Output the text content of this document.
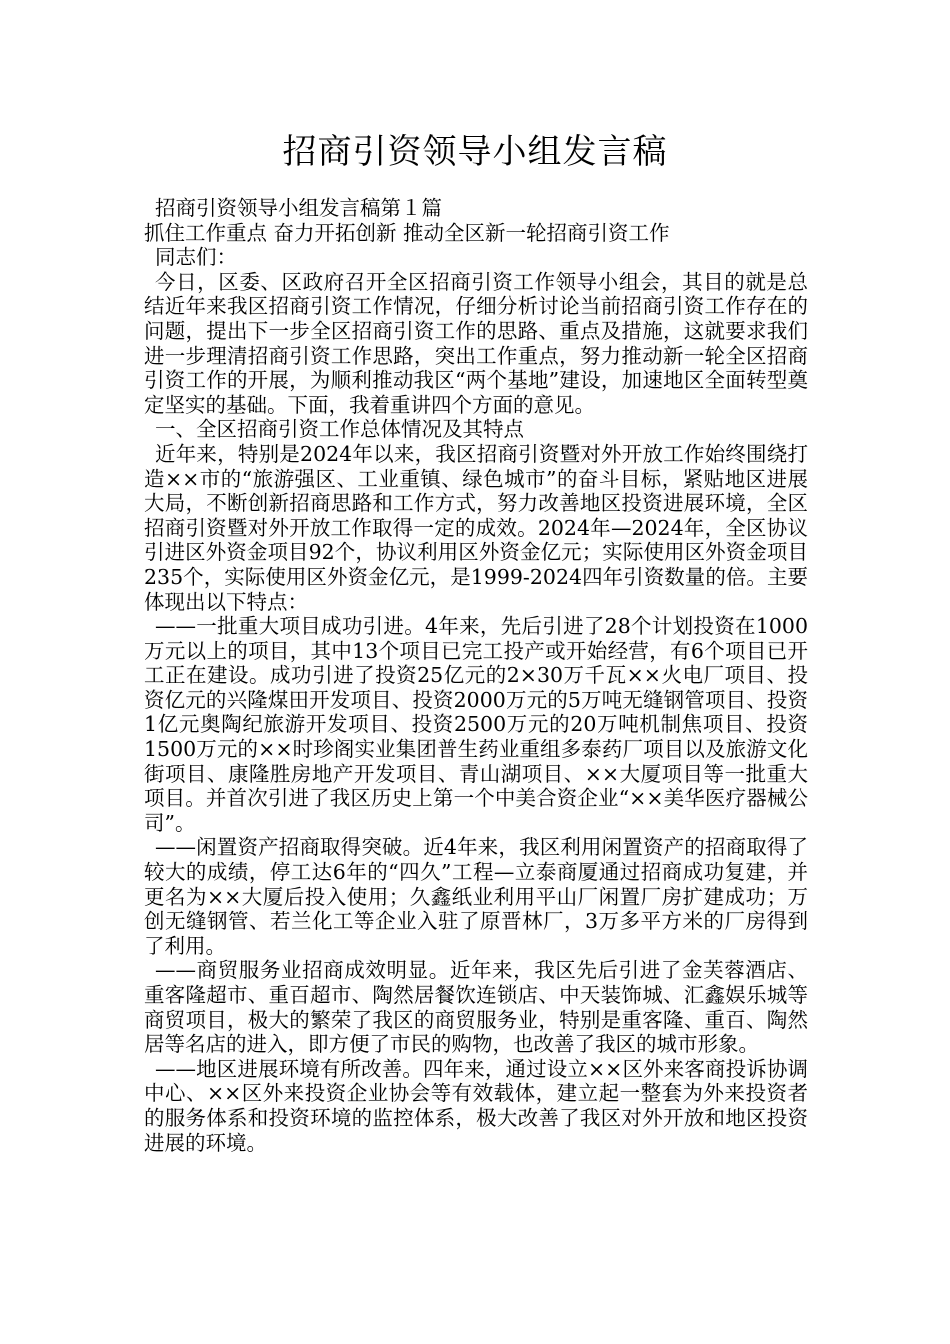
招商引资领导小组发言稿

招商引资领导小组发言稿第１篇

抓住工作重点 奋力开拓创新 推动全区新一轮招商引资工作

同志们：

今日，区委、区政府召开全区招商引资工作领导小组会，其目的就是总结近年来我区招商引资工作情况，仔细分析讨论当前招商引资工作存在的问题，提出下一步全区招商引资工作的思路、重点及措施，这就要求我们进一步理清招商引资工作思路，突出工作重点，努力推动新一轮全区招商引资工作的开展，为顺利推动我区“两个基地”建设，加速地区全面转型奠定坚实的基础。下面，我着重讲四个方面的意见。

一、全区招商引资工作总体情况及其特点

近年来，特别是2024年以来，我区招商引资暨对外开放工作始终围绕打造××市的“旅游强区、工业重镇、绿色城市”的奋斗目标，紧贴地区进展大局，不断创新招商思路和工作方式，努力改善地区投资进展环境，全区招商引资暨对外开放工作取得一定的成效。2024年—2024年，全区协议引进区外资金项目92个，协议利用区外资金亿元；实际使用区外资金项目235个，实际使用区外资金亿元，是1999-2024四年引资数量的倍。主要体现出以下特点：

——一批重大项目成功引进。4年来，先后引进了28个计划投资在1000万元以上的项目，其中13个项目已完工投产或开始经营，有6个项目已开工正在建设。成功引进了投资25亿元的2×30万千瓦××火电厂项目、投资亿元的兴隆煤田开发项目、投资2000万元的5万吨无缝钢管项目、投资1亿元奥陶纪旅游开发项目、投资2500万元的20万吨机制焦项目、投资1500万元的××时珍阁实业集团普生药业重组多泰药厂项目以及旅游文化街项目、康隆胜房地产开发项目、青山湖项目、××大厦项目等一批重大项目。并首次引进了我区历史上第一个中美合资企业“××美华医疗器械公司”。

——闲置资产招商取得突破。近4年来，我区利用闲置资产的招商取得了较大的成绩，停工达6年的“四久”工程—立泰商厦通过招商成功复建，并更名为××大厦后投入使用；久鑫纸业利用平山厂闲置厂房扩建成功；万创无缝钢管、若兰化工等企业入驻了原晋林厂，3万多平方米的厂房得到了利用。

——商贸服务业招商成效明显。近年来，我区先后引进了金芙蓉酒店、重客隆超市、重百超市、陶然居餐饮连锁店、中天装饰城、汇鑫娱乐城等商贸项目，极大的繁荣了我区的商贸服务业，特别是重客隆、重百、陶然居等名店的进入，即方便了市民的购物，也改善了我区的城市形象。

——地区进展环境有所改善。四年来，通过设立××区外来客商投诉协调中心、××区外来投资企业协会等有效载体，建立起一整套为外来投资者的服务体系和投资环境的监控体系，极大改善了我区对外开放和地区投资进展的环境。
